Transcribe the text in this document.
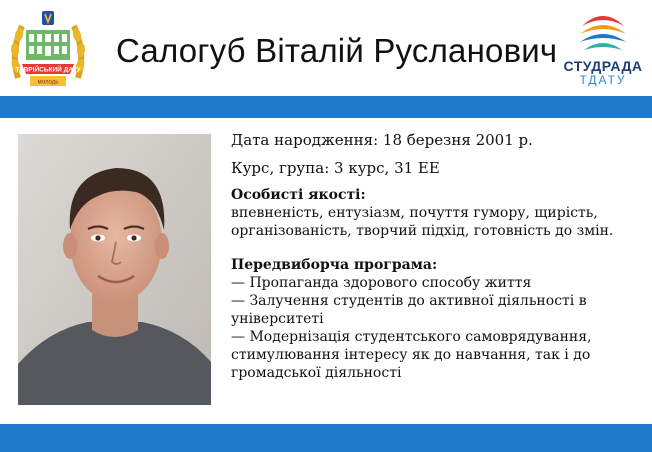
ТАВРІЙСЬКИЙ ДАТУ
молодь
Салогуб Віталій Русланович СТУДРАДА
ТДАТУ
Дата народження: 18 березня 2001 р.
Курс, група: 3 курс, 31 ЕЕ
Особисті якості:
впевненість, ентузіазм, почуття гумору, щирість, організованість, творчий підхід, готовність до змін.
Передвиборча програма:
— Пропаганда здорового способу життя
— Залучення студентів до активної діяльності в університеті
— Модернізація студентського самоврядування, стимулювання інтересу як до навчання, так і до громадської діяльності
